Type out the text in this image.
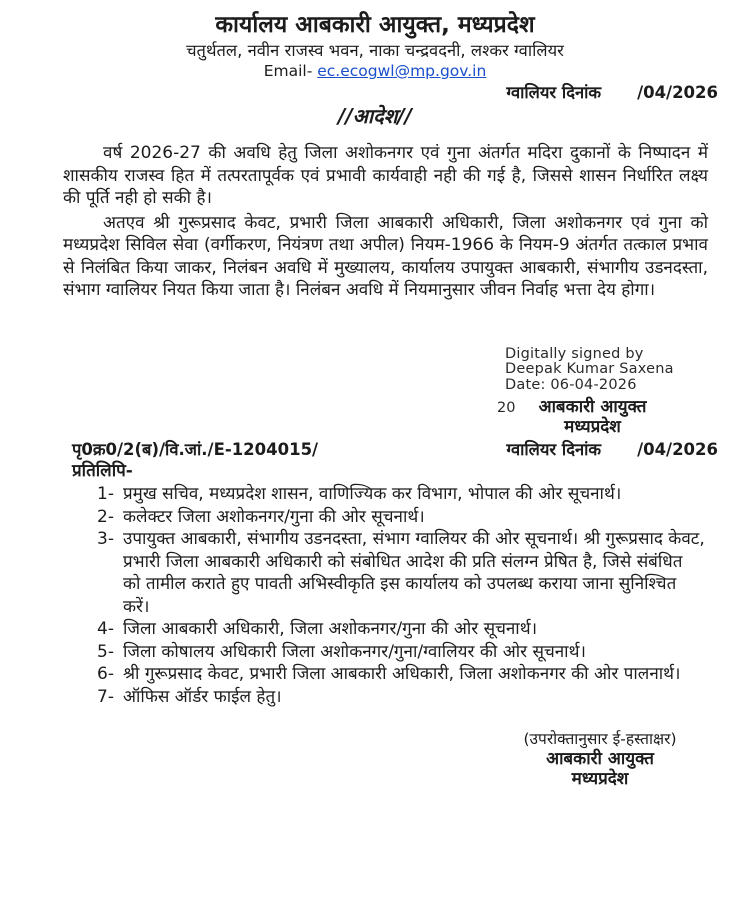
कार्यालय आबकारी आयुक्त, मध्यप्रदेश
चतुर्थतल, नवीन राजस्व भवन, नाका चन्द्रवदनी, लश्कर ग्वालियर
Email- ec.ecogwl@mp.gov.in
ग्वालियर दिनांक /04/2026
//आदेश//

वर्ष 2026-27 की अवधि हेतु जिला अशोकनगर एवं गुना अंतर्गत मदिरा दुकानों के निष्पादन में शासकीय राजस्व हित में तत्परतापूर्वक एवं प्रभावी कार्यवाही नही की गई है, जिससे शासन निर्धारित लक्ष्य की पूर्ति नही हो सकी है।

अतएव श्री गुरूप्रसाद केवट, प्रभारी जिला आबकारी अधिकारी, जिला अशोकनगर एवं गुना को मध्यप्रदेश सिविल सेवा (वर्गीकरण, नियंत्रण तथा अपील) नियम-1966 के नियम-9 अंतर्गत तत्काल प्रभाव से निलंबित किया जाकर, निलंबन अवधि में मुख्यालय, कार्यालय उपायुक्त आबकारी, संभागीय उडनदस्ता, संभाग ग्वालियर नियत किया जाता है। निलंबन अवधि में नियमानुसार जीवन निर्वाह भत्ता देय होगा।

Digitally signed by
Deepak Kumar Saxena
Date: 06-04-2026
20 आबकारी आयुक्त
मध्यप्रदेश
पृ0क्र0/2(ब)/वि.जां./E-1204015/	ग्वालियर दिनांक /04/2026
प्रतिलिपि-
1- प्रमुख सचिव, मध्यप्रदेश शासन, वाणिज्यिक कर विभाग, भोपाल की ओर सूचनार्थ।
2- कलेक्टर जिला अशोकनगर/गुना की ओर सूचनार्थ।
3- उपायुक्त आबकारी, संभागीय उडनदस्ता, संभाग ग्वालियर की ओर सूचनार्थ। श्री गुरूप्रसाद केवट, प्रभारी जिला आबकारी अधिकारी को संबोधित आदेश की प्रति संलग्न प्रेषित है, जिसे संबंधित को तामील कराते हुए पावती अभिस्वीकृति इस कार्यालय को उपलब्ध कराया जाना सुनिश्चित करें।
4- जिला आबकारी अधिकारी, जिला अशोकनगर/गुना की ओर सूचनार्थ।
5- जिला कोषालय अधिकारी जिला अशोकनगर/गुना/ग्वालियर की ओर सूचनार्थ।
6- श्री गुरूप्रसाद केवट, प्रभारी जिला आबकारी अधिकारी, जिला अशोकनगर की ओर पालनार्थ।
7- ऑफिस ऑर्डर फाईल हेतु।
(उपरोक्तानुसार ई-हस्ताक्षर)
आबकारी आयुक्त
मध्यप्रदेश
